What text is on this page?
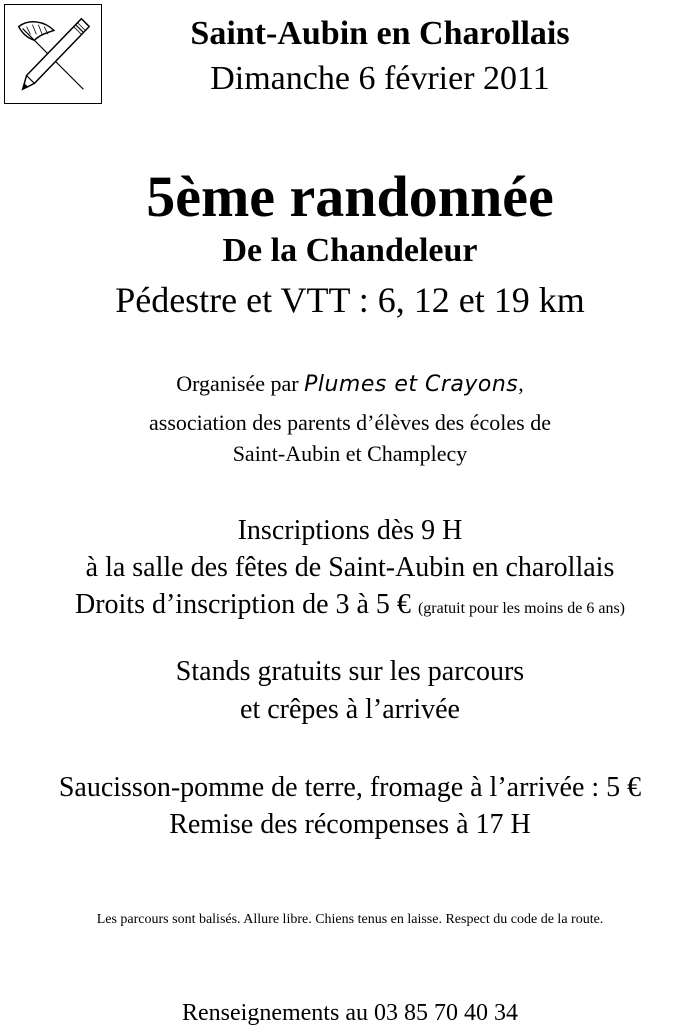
Saint-Aubin en Charollais
Dimanche 6 février 2011
5ème randonnée
De la Chandeleur
Pédestre et VTT : 6, 12 et 19 km
Organisée par Plumes et Crayons,
association des parents d’élèves des écoles de
Saint-Aubin et Champlecy
Inscriptions dès 9 H
à la salle des fêtes de Saint-Aubin en charollais
Droits d’inscription de 3 à 5 € (gratuit pour les moins de 6 ans)
Stands gratuits sur les parcours
et crêpes à l’arrivée
Saucisson-pomme de terre, fromage à l’arrivée : 5 €
Remise des récompenses à 17 H
Les parcours sont balisés. Allure libre. Chiens tenus en laisse. Respect du code de la route.
Renseignements au 03 85 70 40 34
